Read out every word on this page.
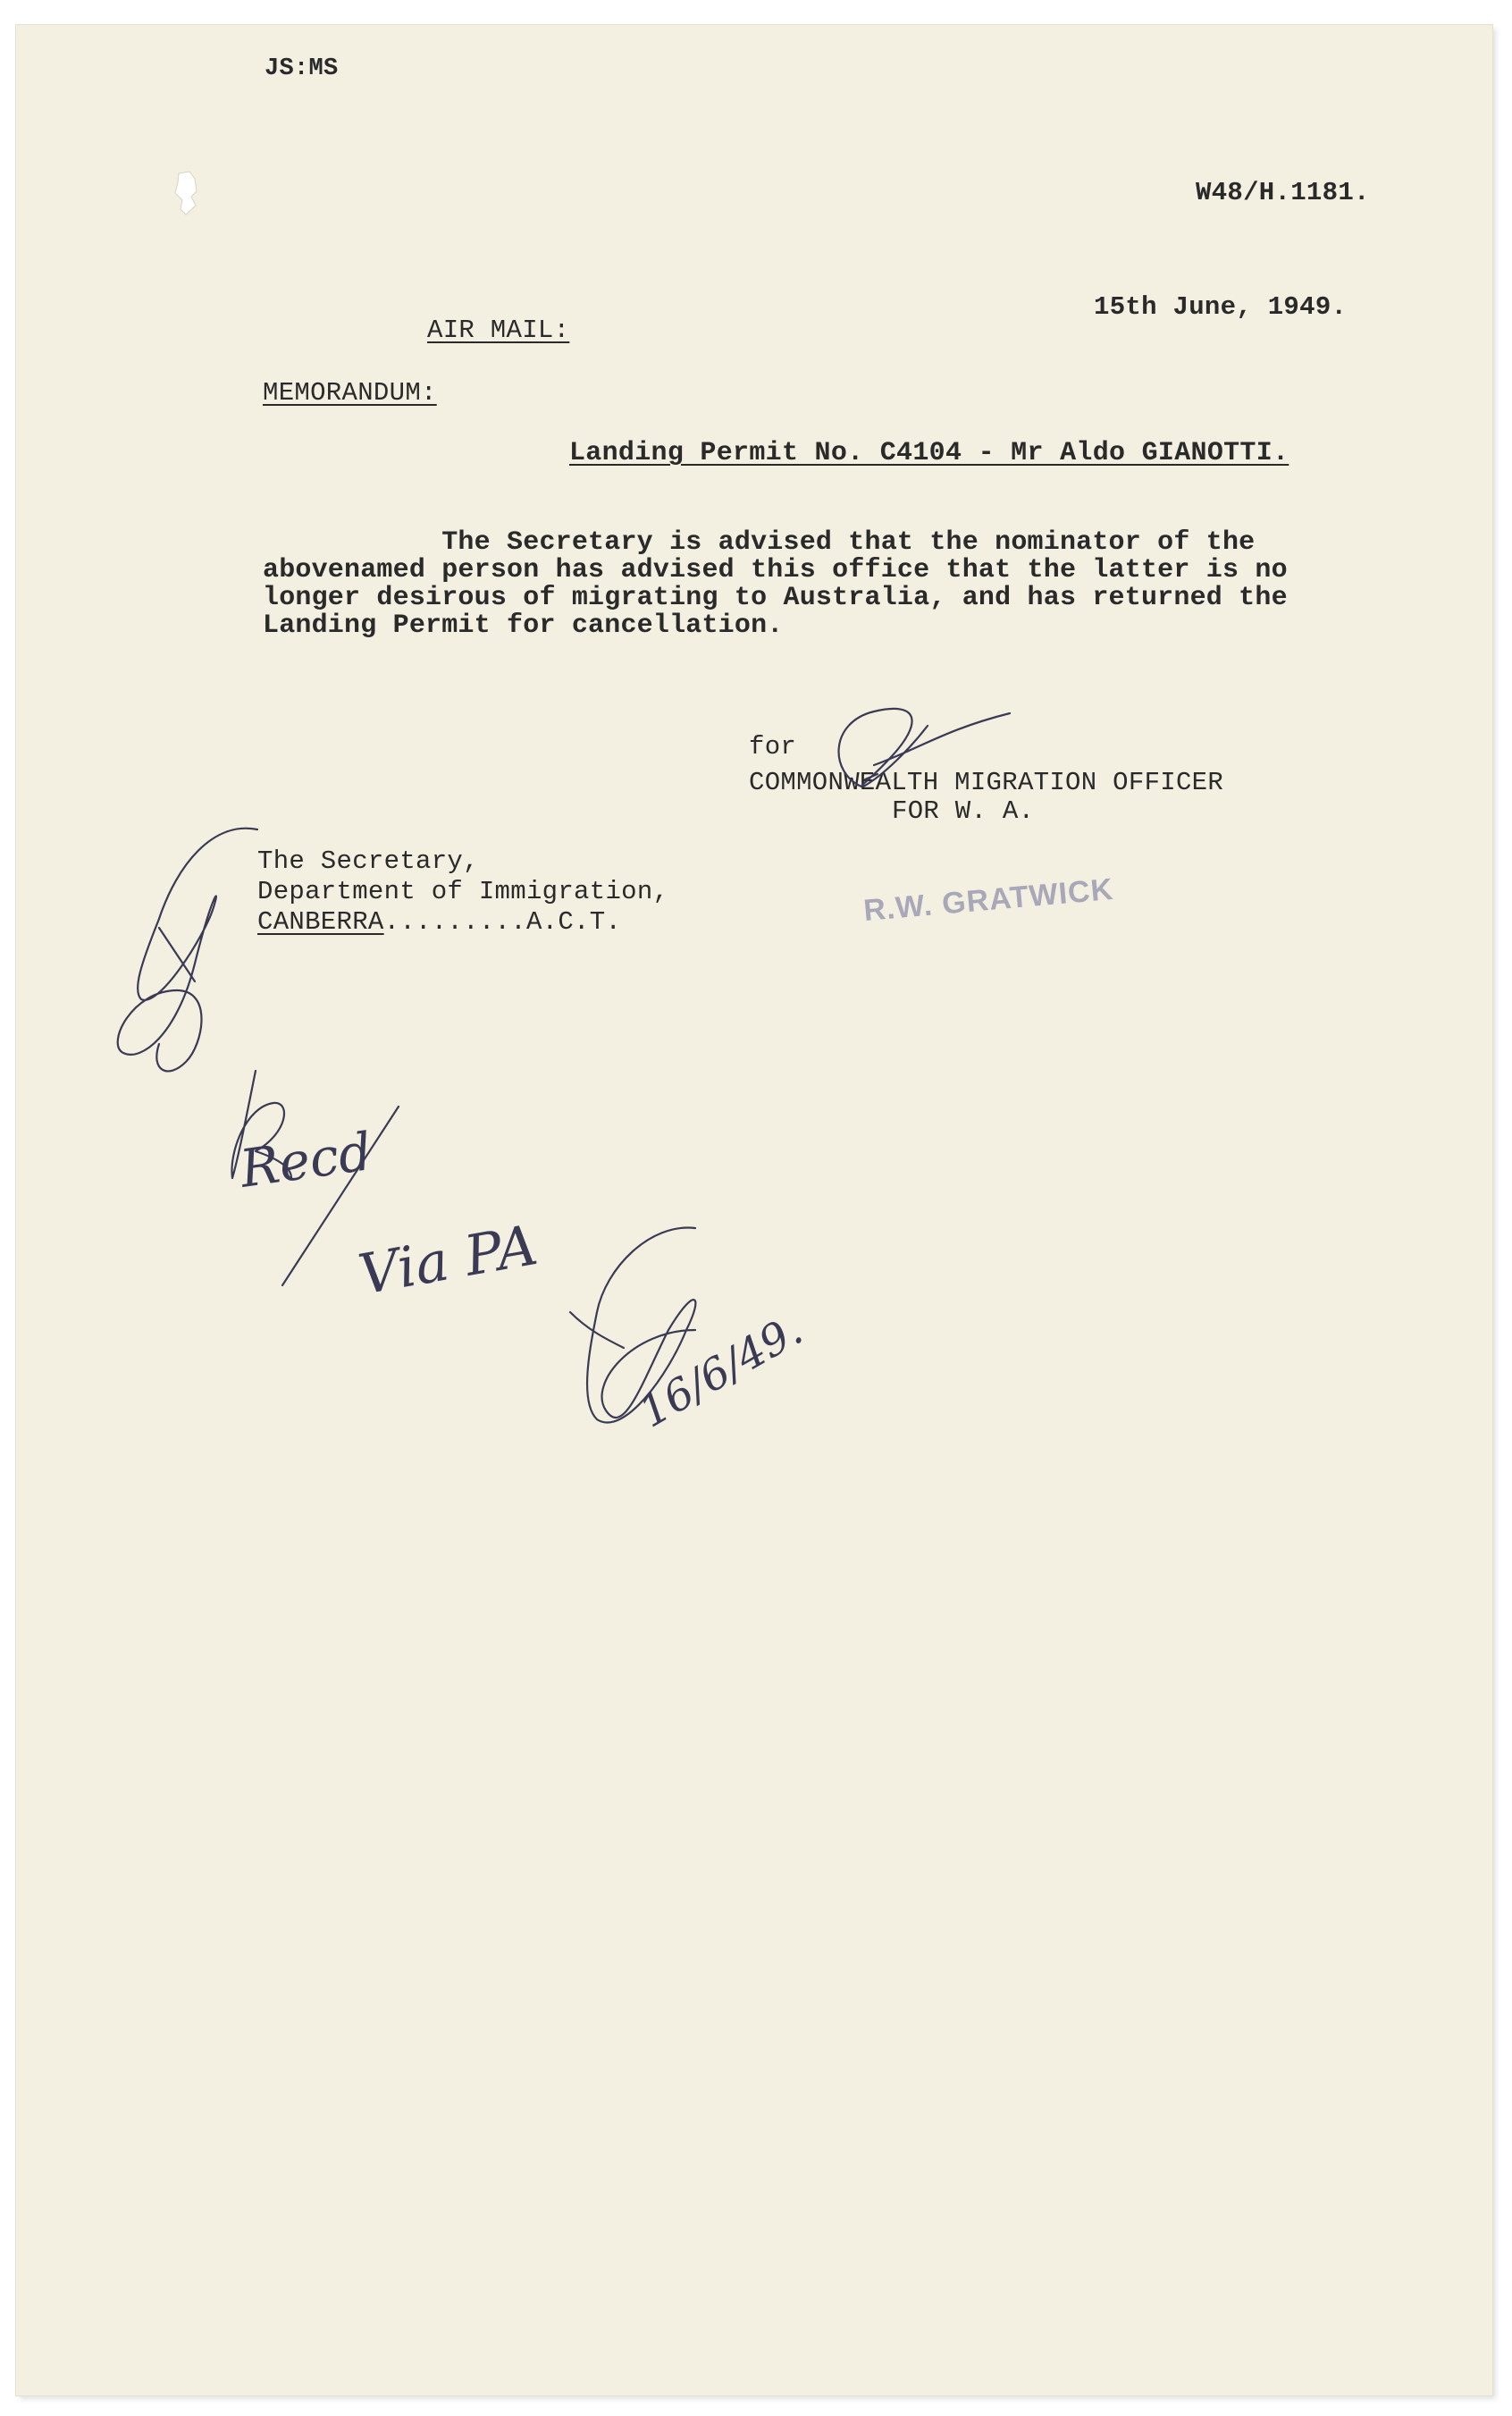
JS:MS
W48/H.1181.
15th June, 1949.
AIR MAIL:
MEMORANDUM:
Landing Permit No. C4104 - Mr Aldo GIANOTTI.
The Secretary is advised that the nominator of the
abovenamed person has advised this office that the latter is no
longer desirous of migrating to Australia, and has returned the
Landing Permit for cancellation.
for
COMMONWEALTH MIGRATION OFFICER
FOR W. A.
R.W. GRATWICK
The Secretary,
Department of Immigration,
CANBERRA.........A.C.T.
Recd
Via PA
16/6/49.
